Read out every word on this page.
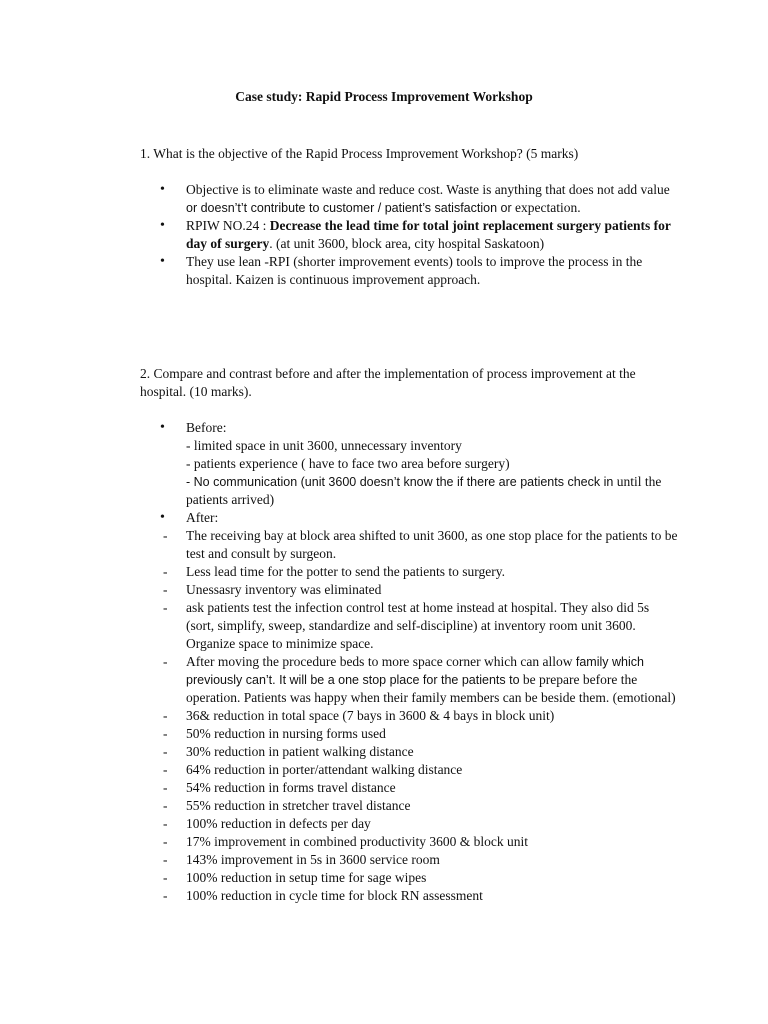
Case study: Rapid Process Improvement Workshop
1. What is the objective of the Rapid Process Improvement Workshop? (5 marks)
• Objective is to eliminate waste and reduce cost. Waste is anything that does not add value or doesn’t’t contribute to customer / patient’s satisfaction or expectation.
• RPIW NO.24 : Decrease the lead time for total joint replacement surgery patients for day of surgery. (at unit 3600, block area, city hospital Saskatoon)
• They use lean -RPI (shorter improvement events) tools to improve the process in the hospital. Kaizen is continuous improvement approach.
2. Compare and contrast before and after the implementation of process improvement at the hospital. (10 marks).
• Before:
- limited space in unit 3600, unnecessary inventory
- patients experience ( have to face two area before surgery)
- No communication (unit 3600 doesn’t know the if there are patients check in until the patients arrived)
• After:
- The receiving bay at block area shifted to unit 3600, as one stop place for the patients to be test and consult by surgeon.
- Less lead time for the potter to send the patients to surgery.
- Unessasry inventory was eliminated
- ask patients test the infection control test at home instead at hospital. They also did 5s (sort, simplify, sweep, standardize and self-discipline) at inventory room unit 3600. Organize space to minimize space.
- After moving the procedure beds to more space corner which can allow family which previously can’t. It will be a one stop place for the patients to be prepare before the operation. Patients was happy when their family members can be beside them. (emotional)
- 36& reduction in total space (7 bays in 3600 & 4 bays in block unit)
- 50% reduction in nursing forms used
- 30% reduction in patient walking distance
- 64% reduction in porter/attendant walking distance
- 54% reduction in forms travel distance
- 55% reduction in stretcher travel distance
- 100% reduction in defects per day
- 17% improvement in combined productivity 3600 & block unit
- 143% improvement in 5s in 3600 service room
- 100% reduction in setup time for sage wipes
- 100% reduction in cycle time for block RN assessment
